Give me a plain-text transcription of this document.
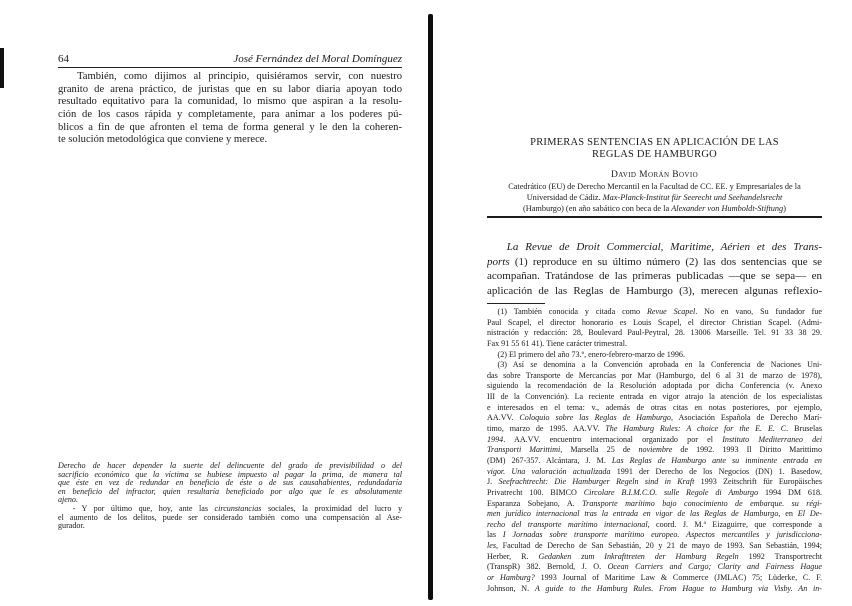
64	José Fernández del Moral Domínguez
También, como dijimos al principio, quisiéramos servir, con nuestro
granito de arena práctico, de juristas que en su labor diaria apoyan todo
resultado equitativo para la comunidad, lo mismo que aspiran a la resolu-
ción de los casos rápida y completamente, para animar a los poderes pú-
blicos a fin de que afronten el tema de forma general y le den la coheren-
te solución metodológica que conviene y merece.
Derecho de hacer depender la suerte del delincuente del grado de previsibilidad o del
sacrificio económico que la víctima se hubiese impuesto al pagar la prima, de manera tal
que éste en vez de redundar en beneficio de éste o de sus causahabientes, redundadaría
en beneficio del infractor, quien resultaría beneficiado por algo que le es absolutamente
ajeno.
- Y por último que, hoy, ante las circunstancias sociales, la proximidad del lucro y
el aumento de los delitos, puede ser considerado también como una compensación al Ase-
gurador.
PRIMERAS SENTENCIAS EN APLICACIÓN DE LAS
REGLAS DE HAMBURGO
David Morán Bovio
Catedrático (EU) de Derecho Mercantil en la Facultad de CC. EE. y Empresariales de la
Universidad de Cádiz. Max-Planck-Institut für Seerecht und Seehandelsrecht
(Hamburgo) (en año sabático con beca de la Alexander von Humboldt-Stiftung)
La Revue de Droit Commercial, Maritime, Aérien et des Trans-
ports (1) reproduce en su último número (2) las dos sentencias que se
acompañan. Tratándose de las primeras publicadas —que se sepa— en
aplicación de las Reglas de Hamburgo (3), merecen algunas reflexio-
(1) También conocida y citada como Revue Scapel. No en vano, Su fundador fue
Paul Scapel, el director honorario es Louis Scapel, el director Christian Scapel. (Admi-
nistración y redacción: 28, Boulevard Paul-Peytral, 28. 13006 Marseille. Tel. 91 33 38 29.
Fax 91 55 61 41). Tiene carácter trimestral.
(2) El primero del año 73.º, enero-febrero-marzo de 1996.
(3) Así se denomina a la Convención aprobada en la Conferencia de Naciones Uni-
das sobre Transporte de Mercancías por Mar (Hamburgo, del 6 al 31 de marzo de 1978),
siguiendo la recomendación de la Resolución adoptada por dicha Conferencia (v. Anexo
III de la Convención). La reciente entrada en vigor atrajo la atención de los especialistas
e interesados en el tema: v., además de otras citas en notas posteriores, por ejemplo,
AA.VV. Coloquio sobre las Reglas de Hamburgo, Asociación Española de Derecho Marí-
timo, marzo de 1995. AA.VV. The Hamburg Rules: A choice for the E. E. C. Bruselas
1994. AA.VV. encuentro internacional organizado por el Instituto Mediterraneo dei
Transporti Marittimi, Marsella 25 de noviembre de 1992. 1993 Il Diritto Marittimo
(DM) 267-357. Alcántara, J. M. Las Reglas de Hamburgo ante su inminente entrada en
vigor. Una valoración actualizada 1991 der Derecho de los Negocios (DN) 1. Basedow,
J. Seefrachtrecht: Die Hamburger Regeln sind in Kraft 1993 Zeitschrift für Europäisches
Privatrecht 100. BIMCO Circolare B.I.M.C.O. sulle Regole di Amburgo 1994 DM 618.
Esparanza Sobejano, A. Transporte marítimo bajo conocimiento de embarque. su régi-
men jurídico internacional tras la entrada en vigor de las Reglas de Hamburgo, en El De-
recho del transporte marítimo internacional, coord. J. M.ª Eizaguirre, que corresponde a
las I Jornadas sobre transporte marítimo europeo. Aspectos mercantiles y jurisdicciona-
les, Facultad de Derecho de San Sebastián, 20 y 21 de mayo de 1993. San Sebastián, 1994;
Herber, R. Gedanken zum Inkrafttreten der Hamburg Regeln 1992 Transportrecht
(TranspR) 382. Bernold, J. O. Ocean Carriers and Cargo; Clarity and Fairness Hague
or Hamburg? 1993 Journal of Maritime Law & Commerce (JMLAC) 75; Lüderke, C. F.
Johnson, N. A guide to the Hamburg Rules. From Hague to Hamburg via Visby. An in-
